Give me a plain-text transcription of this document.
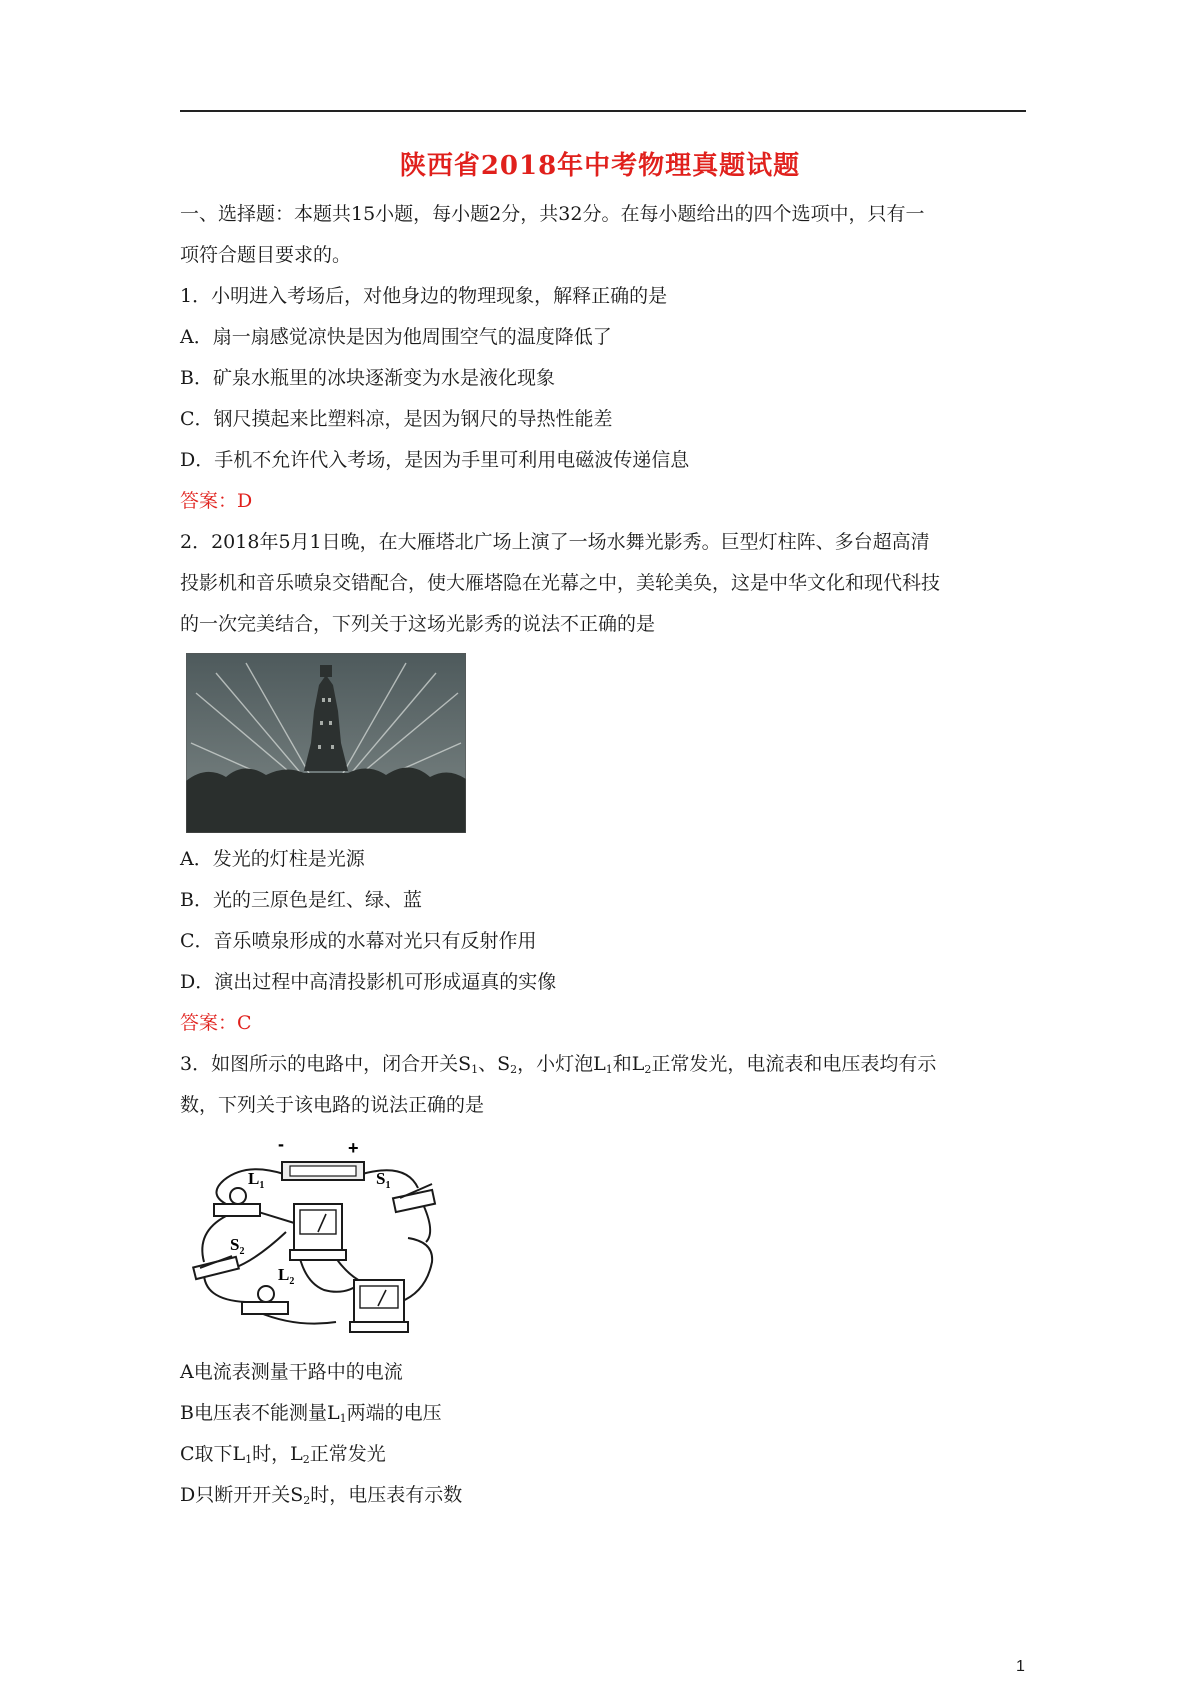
陕西省2018年中考物理真题试题
一、选择题：本题共15小题，每小题2分，共32分。在每小题给出的四个选项中，只有一
项符合题目要求的。
1．小明进入考场后，对他身边的物理现象，解释正确的是
A．扇一扇感觉凉快是因为他周围空气的温度降低了
B．矿泉水瓶里的冰块逐渐变为水是液化现象
C．钢尺摸起来比塑料凉，是因为钢尺的导热性能差
D．手机不允许代入考场，是因为手里可利用电磁波传递信息
答案：D
2．2018年5月1日晚，在大雁塔北广场上演了一场水舞光影秀。巨型灯柱阵、多台超高清
投影机和音乐喷泉交错配合，使大雁塔隐在光幕之中，美轮美奂，这是中华文化和现代科技
的一次完美结合，下列关于这场光影秀的说法不正确的是
A．发光的灯柱是光源
B．光的三原色是红、绿、蓝
C．音乐喷泉形成的水幕对光只有反射作用
D．演出过程中高清投影机可形成逼真的实像
答案：C
3．如图所示的电路中，闭合开关$S_1$、$S_2$，小灯泡$L_1$和$L_2$正常发光，电流表和电压表均有示
数，下列关于该电路的说法正确的是
-	+
$S_1$
$L_1$
$S_2$
$L_2$
A电流表测量干路中的电流
B电压表不能测量$L_1$两端的电压
C取下$L_1$时，$L_2$正常发光
D只断开开关$S_2$时，电压表有示数
1
